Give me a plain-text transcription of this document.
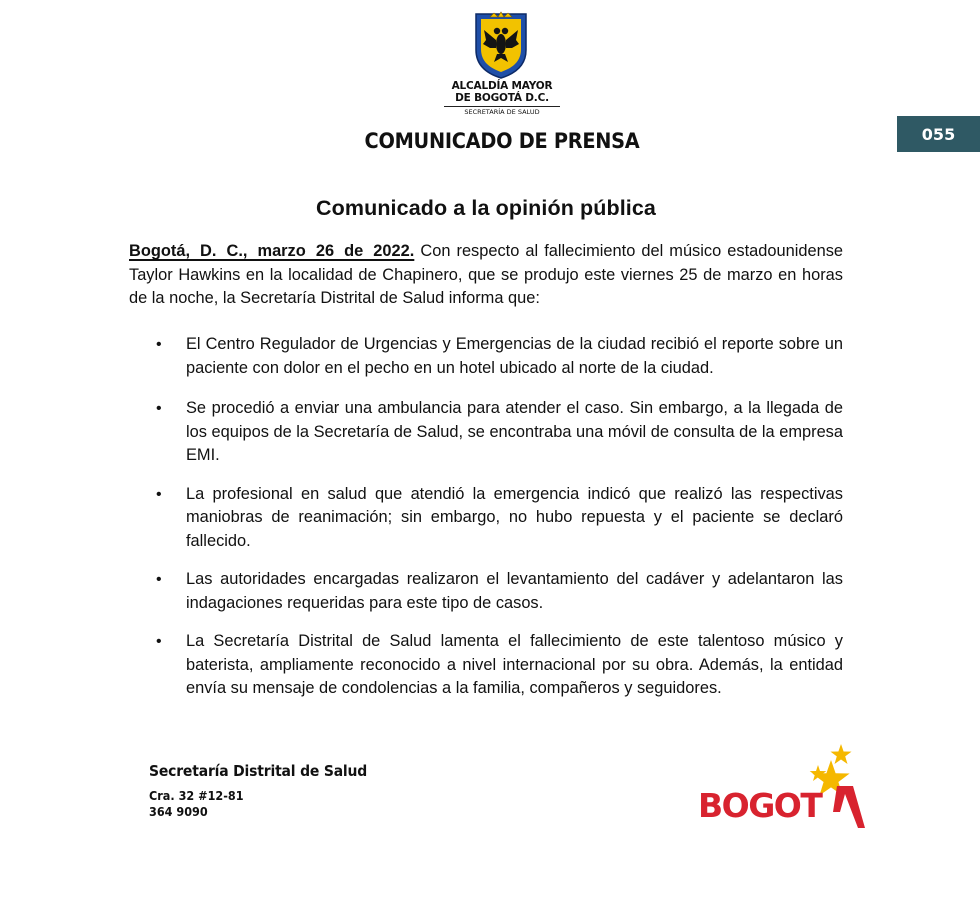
ALCALDÍA MAYOR
DE BOGOTÁ D.C.
SECRETARÍA DE SALUD
COMUNICADO DE PRENSA	055
Comunicado a la opinión pública
Bogotá, D. C., marzo 26 de 2022. Con respecto al fallecimiento del músico estadounidense Taylor Hawkins en la localidad de Chapinero, que se produjo este viernes 25 de marzo en horas de la noche, la Secretaría Distrital de Salud informa que:
• El Centro Regulador de Urgencias y Emergencias de la ciudad recibió el reporte sobre un paciente con dolor en el pecho en un hotel ubicado al norte de la ciudad.
• Se procedió a enviar una ambulancia para atender el caso. Sin embargo, a la llegada de los equipos de la Secretaría de Salud, se encontraba una móvil de consulta de la empresa EMI.
• La profesional en salud que atendió la emergencia indicó que realizó las respectivas maniobras de reanimación; sin embargo, no hubo repuesta y el paciente se declaró fallecido.
• Las autoridades encargadas realizaron el levantamiento del cadáver y adelantaron las indagaciones requeridas para este tipo de casos.
• La Secretaría Distrital de Salud lamenta el fallecimiento de este talentoso músico y baterista, ampliamente reconocido a nivel internacional por su obra. Además, la entidad envía su mensaje de condolencias a la familia, compañeros y seguidores.
Secretaría Distrital de Salud
Cra. 32 #12-81
364 9090	BOGOT
